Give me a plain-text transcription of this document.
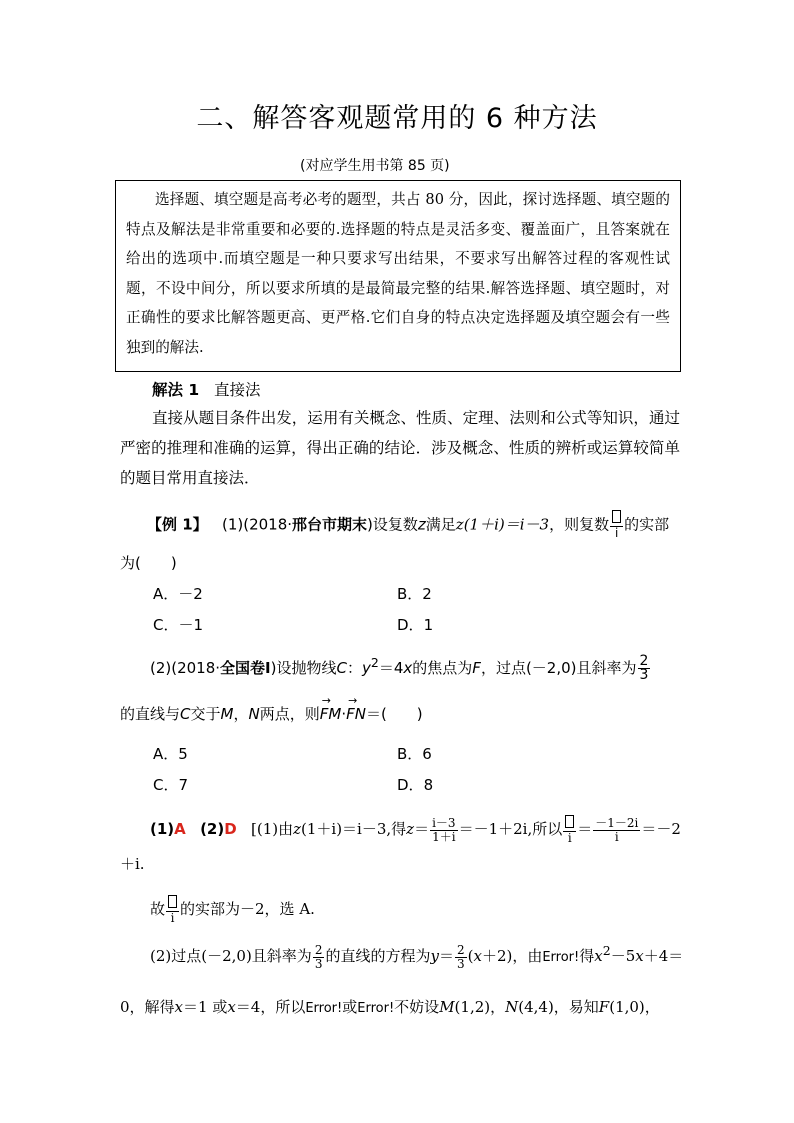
二、解答客观题常用的 6 种方法
(对应学生用书第 85 页)

选择题、填空题是高考必考的题型，共占 80 分，因此，探讨选择题、填空题的特点及解法是非常重要和必要的.选择题的特点是灵活多变、覆盖面广，且答案就在给出的选项中.而填空题是一种只要求写出结果，不要求写出解答过程的客观性试题，不设中间分，所以要求所填的是最简最完整的结果.解答选择题、填空题时，对正确性的要求比解答题更高、更严格.它们自身的特点决定选择题及填空题会有一些独到的解法.

解法 1 直接法
直接从题目条件出发，运用有关概念、性质、定理、法则和公式等知识，通过严密的推理和准确的运算，得出正确的结论．涉及概念、性质的辨析或运算较简单的题目常用直接法．
【例 1】 (1)(2018·邢台市期末)设复数z满足z(1＋i)＝i－3，则复数 i 的实部
为(　　)
A．－2	B．2
C．－1	D．1
(2)(2018·全国卷Ⅰ)设抛物线C：$y^2=4x$的焦点为F，过点(－2,0)且斜率为 $\frac{2}{3}$
的直线与C交于M，N两点，则→ FM·→ FN＝(　　)
A．5	B．6
C．7	D．8
(1)A (2)D [(1)由z(1＋i)＝i－3,得$z= \frac{i-3}{1+i} =-1+2i$,所以 $i = \frac{-1-2i}{i} =-2$
＋i.
故 i 的实部为－2，选 A.
(2)过点(－2,0)且斜率为 $\frac{2}{3}$ 的直线的方程为$y= \frac{2}{3} (x+2)$，由Error!得$x^2-5x+4=$
0，解得x＝1 或x＝4，所以Error!或Error!不妨设M(1,2)，N(4,4)，易知F(1,0)，
